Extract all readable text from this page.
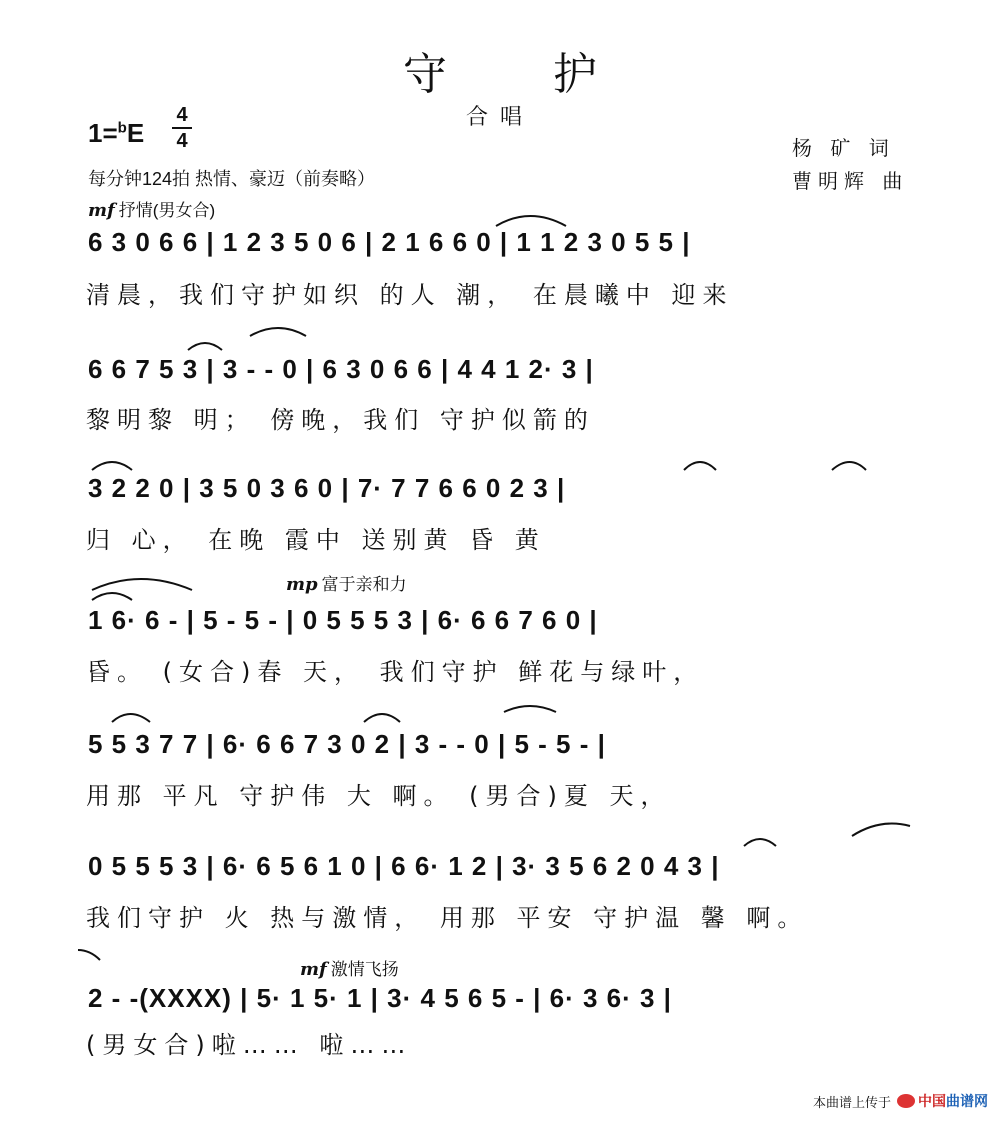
守 护
合唱
1=$^b$E
4
4
每分钟124拍 热情、豪迈（前奏略）
杨 矿 词
曹明辉 曲
mf 抒情(男女合)
mp 富于亲和力
mf 激情飞扬
6 3 0 6 6 | 1 2 3 5 0 6 | 2 1 6 6 0 | 1 1 2 3 0 5 5 |
清晨，我们守护如织 的人 潮， 在晨曦中 迎来
6 6 7 5 3 | 3 - - 0 | 6 3 0 6 6 | 4 4 1 2· 3 |
黎明黎 明； 傍晚，我们 守护似箭的
3 2 2 0 | 3 5 0 3 6 0 | 7· 7 7 6 6 0 2 3 |
归 心， 在晚 霞中 送别黄 昏 黄
1 6· 6 - | 5 - 5 - | 0 5 5 5 3 | 6· 6 6 7 6 0 |
昏。 (女合)春 天， 我们守护 鲜花与绿叶，
5 5 3 7 7 | 6· 6 6 7 3 0 2 | 3 - - 0 | 5 - 5 - |
用那 平凡 守护伟 大 啊。 (男合)夏 天，
0 5 5 5 3 | 6· 6 5 6 1 0 | 6 6· 1 2 | 3· 3 5 6 2 0 4 3 |
我们守护 火 热与激情， 用那 平安 守护温 馨 啊。
2 - -(XXXX) | 5· 1 5· 1 | 3· 4 5 6 5 - | 6· 3 6· 3 |
(男女合)啦…… 啦……
本曲谱上传于 中国曲谱网
